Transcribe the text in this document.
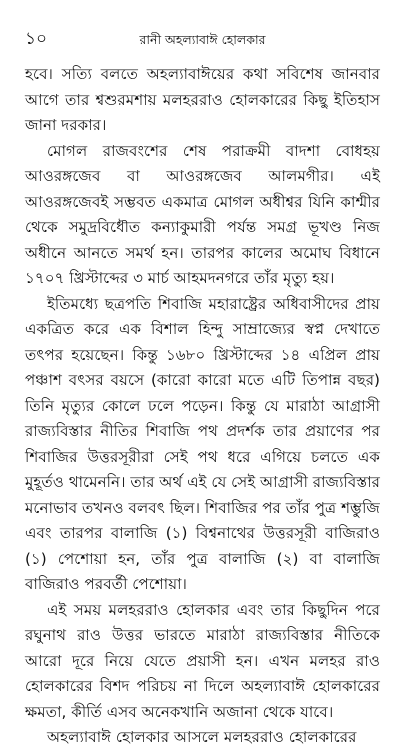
১০	রানী অহল্যাবাঈ হোলকার

হবে। সত্যি বলতে অহল্যাবাঈয়ের কথা সবিশেষ জানবার আগে তার শ্বশুরমশায় মলহররাও হোলকারের কিছু ইতিহাস জানা দরকার।

মোগল রাজবংশের শেষ পরাক্রমী বাদশা বোধহয় আওরঙ্গজেব বা আওরঙ্গজেব আলমগীর। এই আওরঙ্গজেবই সম্ভবত একমাত্র মোগল অধীশ্বর যিনি কাশ্মীর থেকে সমুদ্রবিধৌত কন্যাকুমারী পর্যন্ত সমগ্র ভূখণ্ড নিজ অধীনে আনতে সমর্থ হন। তারপর কালের অমোঘ বিধানে ১৭০৭ খ্রিস্টাব্দের ৩ মার্চ আহমদনগরে তাঁর মৃত্যু হয়।

ইতিমধ্যে ছত্রপতি শিবাজি মহারাষ্ট্রের অধিবাসীদের প্রায় একত্রিত করে এক বিশাল হিন্দু সাম্রাজ্যের স্বপ্ন দেখাতে তৎপর হয়েছেন। কিন্তু ১৬৮০ খ্রিস্টাব্দের ১৪ এপ্রিল প্রায় পঞ্চাশ বৎসর বয়সে (কারো কারো মতে এটি তিপান্ন বছর) তিনি মৃত্যুর কোলে ঢলে পড়েন। কিন্তু যে মারাঠা আগ্রাসী রাজ্যবিস্তার নীতির শিবাজি পথ প্রদর্শক তার প্রয়াণের পর শিবাজির উত্তরসূরীরা সেই পথ ধরে এগিয়ে চলতে এক মুহূর্তও থামেননি। তার অর্থ এই যে সেই আগ্রাসী রাজ্যবিস্তার মনোভাব তখনও বলবৎ ছিল। শিবাজির পর তাঁর পুত্র শম্ভুজি এবং তারপর বালাজি (১) বিশ্বনাথের উত্তরসূরী বাজিরাও (১) পেশোয়া হন, তাঁর পুত্র বালাজি (২) বা বালাজি বাজিরাও পরবর্তী পেশোয়া।

এই সময় মলহররাও হোলকার এবং তার কিছুদিন পরে রঘুনাথ রাও উত্তর ভারতে মারাঠা রাজ্যবিস্তার নীতিকে আরো দূরে নিয়ে যেতে প্রয়াসী হন। এখন মলহর রাও হোলকারের বিশদ পরিচয় না দিলে অহল্যাবাঈ হোলকারের ক্ষমতা, কীর্তি এসব অনেকখানি অজানা থেকে যাবে।

অহল্যাবাঈ হোলকার আসলে মলহররাও হোলকারের
